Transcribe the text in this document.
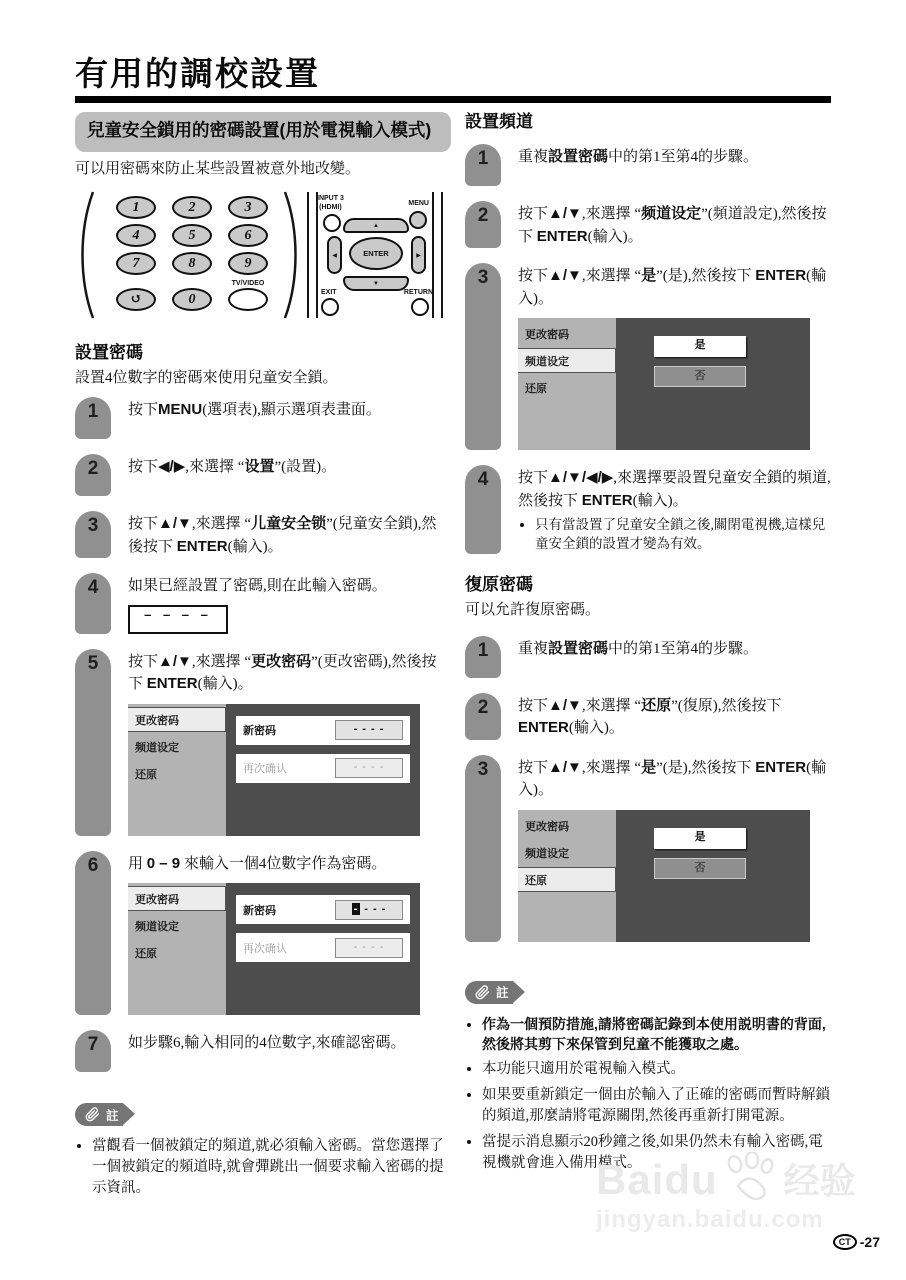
有用的調校設置
兒童安全鎖用的密碼設置(用於電視輸入模式)

可以用密碼來防止某些設置被意外地改變。

1	2	3
4	5	6
7	8	9
↺	0
TV/VIDEO
INPUT 3
(HDMI)	MENU
▲
◀	ENTER	▶
▼
EXIT	RETURN
設置密碼

設置4位數字的密碼來使用兒童安全鎖。

1	按下MENU(選項表),顯示選項表畫面。

2	按下◀/▶,來選擇 “设置”(設置)。

3	按下▲/▼,來選擇 “儿童安全锁”(兒童安全鎖),然後按下 ENTER(輸入)。

4	如果已經設置了密碼,則在此輸入密碼。

– – – –
5	按下▲/▼,來選擇 “更改密码”(更改密碼),然後按下 ENTER(輸入)。

更改密码
频道设定
还原
新密码	- - - -
再次确认	- - - -
6	用 0 – 9 來輸入一個4位數字作為密碼。

更改密码
频道设定
还原
新密码	- - - -
再次确认	- - - -
7	如步驟6,輸入相同的4位數字,來確認密碼。

註
• 當觀看一個被鎖定的頻道,就必須輸入密碼。當您選擇了一個被鎖定的頻道時,就會彈跳出一個要求輸入密碼的提示資訊。
設置頻道
1	重複設置密碼中的第1至第4的步驟。

2	按下▲/▼,來選擇 “频道设定”(頻道設定),然後按下 ENTER(輸入)。

3	按下▲/▼,來選擇 “是”(是),然後按下 ENTER(輸入)。

更改密码
频道设定
还原
是
否
4	按下▲/▼/◀/▶,來選擇要設置兒童安全鎖的頻道,然後按下 ENTER(輸入)。

• 只有當設置了兒童安全鎖之後,關閉電視機,這樣兒童安全鎖的設置才變為有效。
復原密碼

可以允許復原密碼。

1	重複設置密碼中的第1至第4的步驟。

2	按下▲/▼,來選擇 “还原”(復原),然後按下 ENTER(輸入)。

3	按下▲/▼,來選擇 “是”(是),然後按下 ENTER(輸入)。

更改密码
频道设定
还原
是
否
註
• 作為一個預防措施,請將密碼記錄到本使用説明書的背面,然後將其剪下來保管到兒童不能獲取之處。
• 本功能只適用於電視輸入模式。
• 如果要重新鎖定一個由於輸入了正確的密碼而暫時解鎖的頻道,那麼請將電源關閉,然後再重新打開電源。
• 當提示消息顯示20秒鐘之後,如果仍然未有輸入密碼,電視機就會進入備用模式。
Baidu 经验
jingyan.baidu.com
CT -27
